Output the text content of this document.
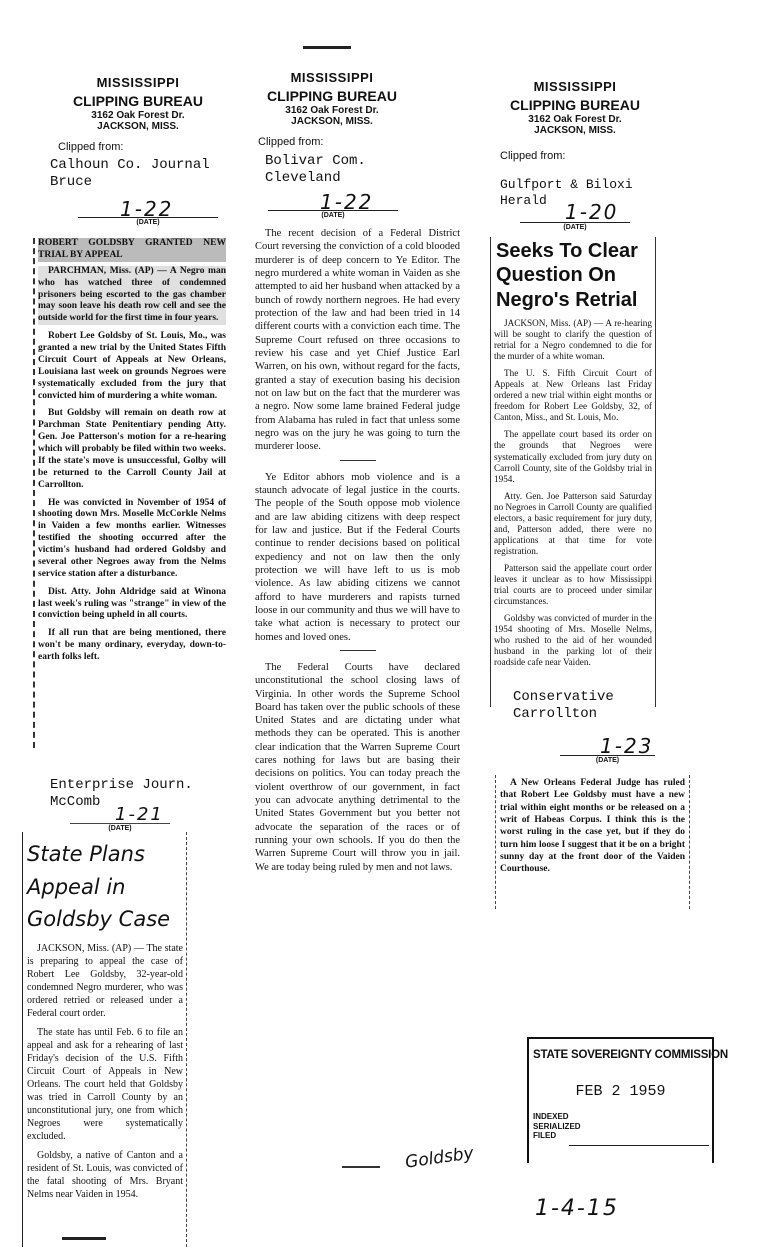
MISSISSIPPI
CLIPPING BUREAU
3162 Oak Forest Dr.
JACKSON, MISS.
Clipped from:
Calhoun Co. Journal
Bruce
1-22
(DATE)
ROBERT GOLDSBY GRANTED NEW TRIAL BY APPEAL

PARCHMAN, Miss. (AP) — A Negro man who has watched three of condemned prisoners being escorted to the gas chamber may soon leave his death row cell and see the outside world for the first time in four years.

Robert Lee Goldsby of St. Louis, Mo., was granted a new trial by the United States Fifth Circuit Court of Appeals at New Orleans, Louisiana last week on grounds Negroes were systematically excluded from the jury that convicted him of murdering a white woman.

But Goldsby will remain on death row at Parchman State Penitentiary pending Atty. Gen. Joe Patterson's motion for a re-hearing which will probably be filed within two weeks. If the state's move is unsuccessful, Golby will be returned to the Carroll County Jail at Carrollton.

He was convicted in November of 1954 of shooting down Mrs. Moselle McCorkle Nelms in Vaiden a few months earlier. Witnesses testified the shooting occurred after the victim's husband had ordered Goldsby and several other Negroes away from the Nelms service station after a disturbance.

Dist. Atty. John Aldridge said at Winona last week's ruling was "strange" in view of the conviction being upheld in all courts.

If all run that are being mentioned, there won't be many ordinary, everyday, down-to-earth folks left.

Enterprise Journ.
McComb
1-21
(DATE)
State Plans
Appeal in
Goldsby Case

JACKSON, Miss. (AP) — The state is preparing to appeal the case of Robert Lee Goldsby, 32-year-old condemned Negro murderer, who was ordered retried or released under a Federal court order.

The state has until Feb. 6 to file an appeal and ask for a rehearing of last Friday's decision of the U.S. Fifth Circuit Court of Appeals in New Orleans. The court held that Goldsby was tried in Carroll County by an unconstitutional jury, one from which Negroes were systematically excluded.

Goldsby, a native of Canton and a resident of St. Louis, was convicted of the fatal shooting of Mrs. Bryant Nelms near Vaiden in 1954.

MISSISSIPPI
CLIPPING BUREAU
3162 Oak Forest Dr.
JACKSON, MISS.
Clipped from:
Bolivar Com.
Cleveland
1-22
(DATE)

The recent decision of a Federal District Court reversing the conviction of a cold blooded murderer is of deep concern to Ye Editor. The negro murdered a white woman in Vaiden as she attempted to aid her husband when attacked by a bunch of rowdy northern negroes. He had every protection of the law and had been tried in 14 different courts with a conviction each time. The Supreme Court refused on three occasions to review his case and yet Chief Justice Earl Warren, on his own, without regard for the facts, granted a stay of execution basing his decision not on law but on the fact that the murderer was a negro. Now some lame brained Federal judge from Alabama has ruled in fact that unless some negro was on the jury he was going to turn the murderer loose.

Ye Editor abhors mob violence and is a staunch advocate of legal justice in the courts. The people of the South oppose mob violence and are law abiding citizens with deep respect for law and justice. But if the Federal Courts continue to render decisions based on political expediency and not on law then the only protection we will have left to us is mob violence. As law abiding citizens we cannot afford to have murderers and rapists turned loose in our community and thus we will have to take what action is necessary to protect our homes and loved ones.

The Federal Courts have declared unconstitutional the school closing laws of Virginia. In other words the Supreme School Board has taken over the public schools of these United States and are dictating under what methods they can be operated. This is another clear indication that the Warren Supreme Court cares nothing for laws but are basing their decisions on politics. You can today preach the violent overthrow of our government, in fact you can advocate anything detrimental to the United States Government but you better not advocate the separation of the races or of running your own schools. If you do then the Warren Supreme Court will throw you in jail. We are today being ruled by men and not laws.

MISSISSIPPI
CLIPPING BUREAU
3162 Oak Forest Dr.
JACKSON, MISS.
Clipped from:
Gulfport & Biloxi
Herald 1-20
(DATE)
Seeks To Clear
Question On
Negro's Retrial

JACKSON, Miss. (AP) — A re-hearing will be sought to clarify the question of retrial for a Negro condemned to die for the murder of a white woman.

The U. S. Fifth Circuit Court of Appeals at New Orleans last Friday ordered a new trial within eight months or freedom for Robert Lee Goldsby, 32, of Canton, Miss., and St. Louis, Mo.

The appellate court based its order on the grounds that Negroes were systematically excluded from jury duty on Carroll County, site of the Goldsby trial in 1954.

Atty. Gen. Joe Patterson said Saturday no Negroes in Carroll County are qualified electors, a basic requirement for jury duty, and, Patterson added, there were no applications at that time for vote registration.

Patterson said the appellate court order leaves it unclear as to how Mississippi trial courts are to proceed under similar circumstances.

Goldsby was convicted of murder in the 1954 shooting of Mrs. Moselle Nelms, who rushed to the aid of her wounded husband in the parking lot of their roadside cafe near Vaiden.

Conservative
Carrollton
1-23
(DATE)

A New Orleans Federal Judge has ruled that Robert Lee Goldsby must have a new trial within eight months or be released on a writ of Habeas Corpus. I think this is the worst ruling in the case yet, but if they do turn him loose I suggest that it be on a bright sunny day at the front door of the Vaiden Courthouse.

STATE SOVEREIGNTY COMMISSION
FEB 2 1959
INDEXED
SERIALIZED
FILED
Goldsby
1-4-15
